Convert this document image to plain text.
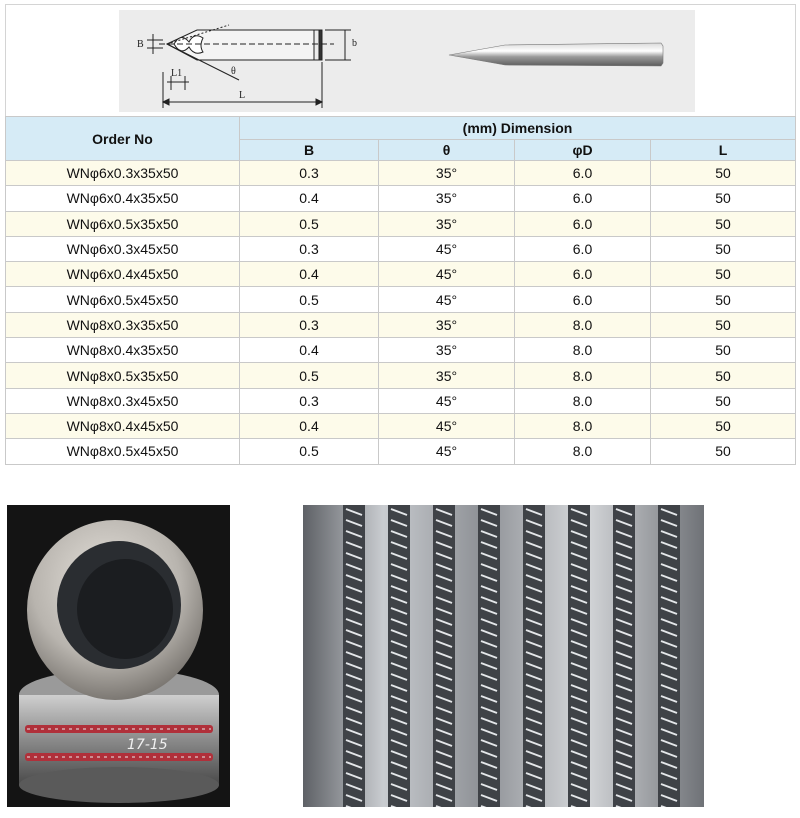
B	b
θ
L1
L
Order No	(mm) Dimension			
	B	θ	φD	L
WNφ6x0.3x35x50	0.3	35°	6.0	50
WNφ6x0.4x35x50	0.4	35°	6.0	50
WNφ6x0.5x35x50	0.5	35°	6.0	50
WNφ6x0.3x45x50	0.3	45°	6.0	50
WNφ6x0.4x45x50	0.4	45°	6.0	50
WNφ6x0.5x45x50	0.5	45°	6.0	50
WNφ8x0.3x35x50	0.3	35°	8.0	50
WNφ8x0.4x35x50	0.4	35°	8.0	50
WNφ8x0.5x35x50	0.5	35°	8.0	50
WNφ8x0.3x45x50	0.3	45°	8.0	50
WNφ8x0.4x45x50	0.4	45°	8.0	50
WNφ8x0.5x45x50	0.5	45°	8.0	50
17-15
